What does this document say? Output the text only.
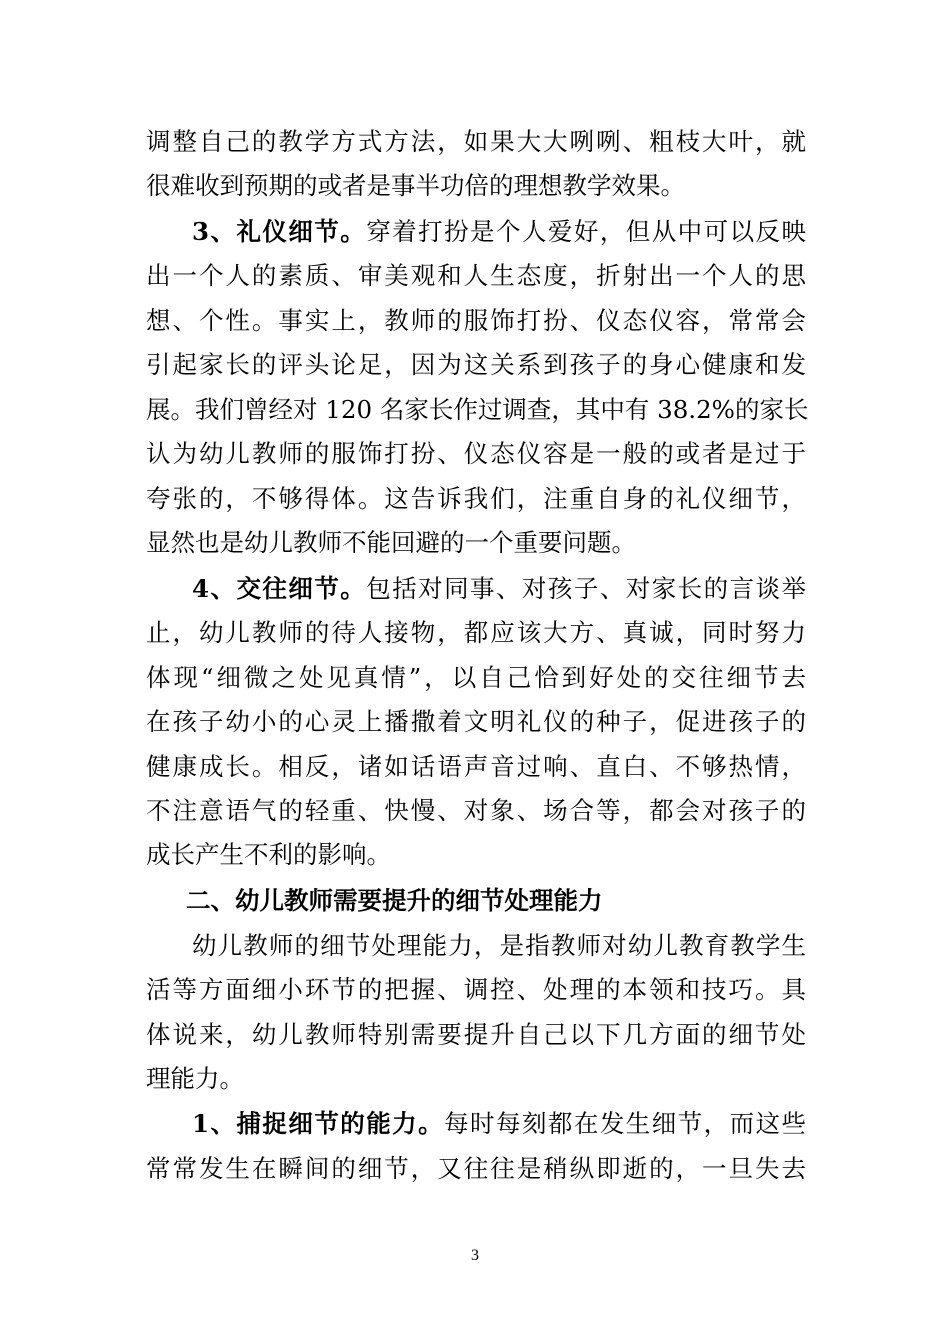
调整自己的教学方式方法，如果大大咧咧、粗枝大叶，就
很难收到预期的或者是事半功倍的理想教学效果。
3、礼仪细节。穿着打扮是个人爱好，但从中可以反映
出一个人的素质、审美观和人生态度，折射出一个人的思
想、个性。事实上，教师的服饰打扮、仪态仪容，常常会
引起家长的评头论足，因为这关系到孩子的身心健康和发
展。我们曾经对 120 名家长作过调查，其中有 38.2%的家长
认为幼儿教师的服饰打扮、仪态仪容是一般的或者是过于
夸张的，不够得体。这告诉我们，注重自身的礼仪细节，
显然也是幼儿教师不能回避的一个重要问题。
4、交往细节。包括对同事、对孩子、对家长的言谈举
止，幼儿教师的待人接物，都应该大方、真诚，同时努力
体现“细微之处见真情”，以自己恰到好处的交往细节去
在孩子幼小的心灵上播撒着文明礼仪的种子，促进孩子的
健康成长。相反，诸如话语声音过响、直白、不够热情，
不注意语气的轻重、快慢、对象、场合等，都会对孩子的
成长产生不利的影响。
二、幼儿教师需要提升的细节处理能力
幼儿教师的细节处理能力，是指教师对幼儿教育教学生
活等方面细小环节的把握、调控、处理的本领和技巧。具
体说来，幼儿教师特别需要提升自己以下几方面的细节处
理能力。
1、捕捉细节的能力。每时每刻都在发生细节，而这些
常常发生在瞬间的细节，又往往是稍纵即逝的，一旦失去
3
